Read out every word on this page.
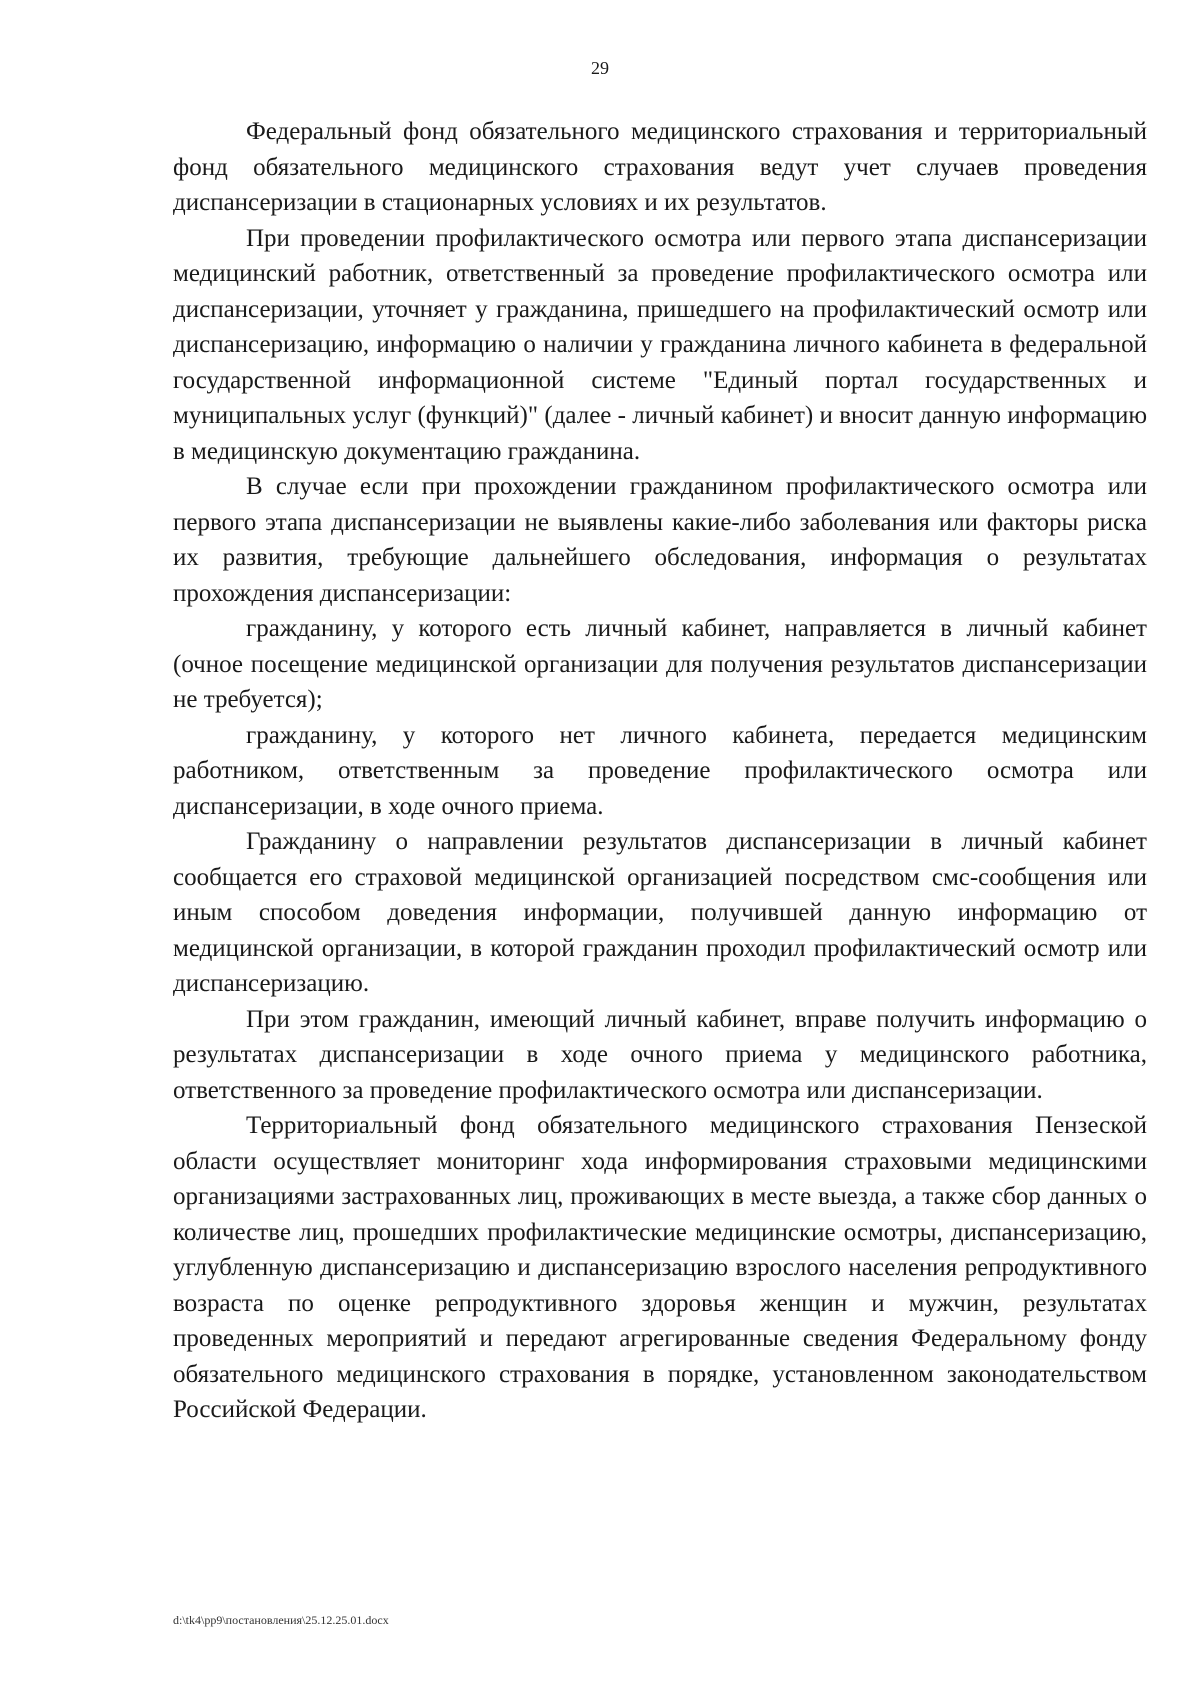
29

Федеральный фонд обязательного медицинского страхования и территориальный фонд обязательного медицинского страхования ведут учет случаев проведения диспансеризации в стационарных условиях и их результатов.

При проведении профилактического осмотра или первого этапа диспансеризации медицинский работник, ответственный за проведение профилактического осмотра или диспансеризации, уточняет у гражданина, пришедшего на профилактический осмотр или диспансеризацию, информацию о наличии у гражданина личного кабинета в федеральной государственной информационной системе "Единый портал государственных и муниципальных услуг (функций)" (далее - личный кабинет) и вносит данную информацию в медицинскую документацию гражданина.

В случае если при прохождении гражданином профилактического осмотра или первого этапа диспансеризации не выявлены какие-либо заболевания или факторы риска их развития, требующие дальнейшего обследования, информация о результатах прохождения диспансеризации:

гражданину, у которого есть личный кабинет, направляется в личный кабинет (очное посещение медицинской организации для получения результатов диспансеризации не требуется);

гражданину, у которого нет личного кабинета, передается медицинским работником, ответственным за проведение профилактического осмотра или диспансеризации, в ходе очного приема.

Гражданину о направлении результатов диспансеризации в личный кабинет сообщается его страховой медицинской организацией посредством смс-сообщения или иным способом доведения информации, получившей данную информацию от медицинской организации, в которой гражданин проходил профилактический осмотр или диспансеризацию.

При этом гражданин, имеющий личный кабинет, вправе получить информацию о результатах диспансеризации в ходе очного приема у медицинского работника, ответственного за проведение профилактического осмотра или диспансеризации.

Территориальный фонд обязательного медицинского страхования Пензеской области осуществляет мониторинг хода информирования страховыми медицинскими организациями застрахованных лиц, проживающих в месте выезда, а также сбор данных о количестве лиц, прошедших профилактические медицинские осмотры, диспансеризацию, углубленную диспансеризацию и диспансеризацию взрослого населения репродуктивного возраста по оценке репродуктивного здоровья женщин и мужчин, результатах проведенных мероприятий и передают агрегированные сведения Федеральному фонду обязательного медицинского страхования в порядке, установленном законодательством Российской Федерации.

d:\tk4\pp9\постановления\25.12.25.01.docx
